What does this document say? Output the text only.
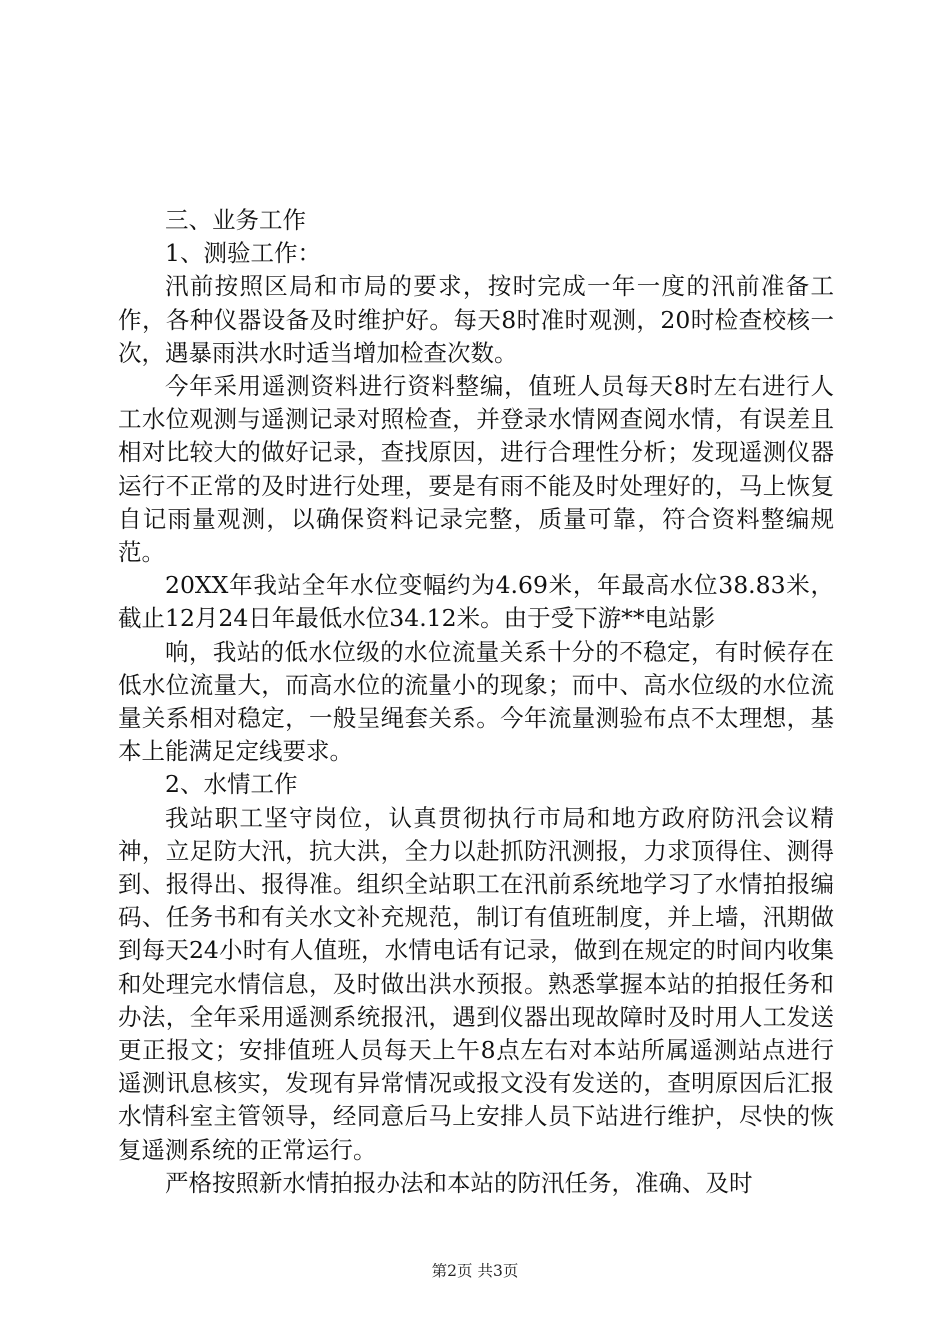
三、业务工作

1、测验工作：

汛前按照区局和市局的要求，按时完成一年一度的汛前准备工作，各种仪器设备及时维护好。每天8时准时观测，20时检查校核一次，遇暴雨洪水时适当增加检查次数。

今年采用遥测资料进行资料整编，值班人员每天8时左右进行人工水位观测与遥测记录对照检查，并登录水情网查阅水情，有误差且相对比较大的做好记录，查找原因，进行合理性分析；发现遥测仪器运行不正常的及时进行处理，要是有雨不能及时处理好的，马上恢复自记雨量观测，以确保资料记录完整，质量可靠，符合资料整编规范。

20XX年我站全年水位变幅约为4.69米，年最高水位38.83米，截止12月24日年最低水位34.12米。由于受下游**电站影

响，我站的低水位级的水位流量关系十分的不稳定，有时候存在低水位流量大，而高水位的流量小的现象；而中、高水位级的水位流量关系相对稳定，一般呈绳套关系。今年流量测验布点不太理想，基本上能满足定线要求。

2、水情工作

我站职工坚守岗位，认真贯彻执行市局和地方政府防汛会议精神，立足防大汛，抗大洪，全力以赴抓防汛测报，力求顶得住、测得到、报得出、报得准。组织全站职工在汛前系统地学习了水情拍报编码、任务书和有关水文补充规范，制订有值班制度，并上墙，汛期做到每天24小时有人值班，水情电话有记录，做到在规定的时间内收集和处理完水情信息，及时做出洪水预报。熟悉掌握本站的拍报任务和办法，全年采用遥测系统报汛，遇到仪器出现故障时及时用人工发送更正报文；安排值班人员每天上午8点左右对本站所属遥测站点进行遥测讯息核实，发现有异常情况或报文没有发送的，查明原因后汇报水情科室主管领导，经同意后马上安排人员下站进行维护，尽快的恢复遥测系统的正常运行。

严格按照新水情拍报办法和本站的防汛任务，准确、及时

第2页 共3页
